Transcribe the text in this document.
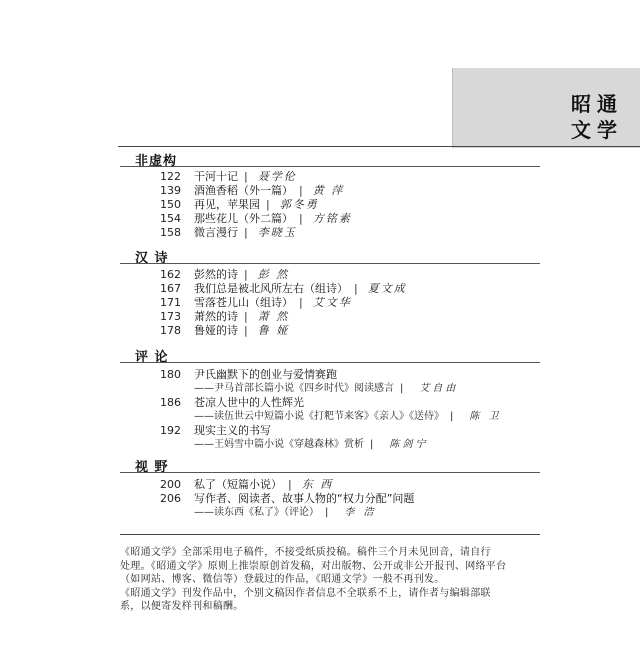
昭通
文学
非虚构
122 干河十记 | 聂学伦
139 酒渔香稻（外一篇） | 黄 萍
150 再见，苹果园 | 郭冬勇
154 那些花儿（外二篇） | 方铭素
158 微言漫行 | 李晓玉
汉 诗
162 彭然的诗 | 彭 然
167 我们总是被北风所左右（组诗） | 夏文成
171 雪落苍儿山（组诗） | 艾文华
173 萧然的诗 | 萧 然
178 鲁娅的诗 | 鲁 娅
评 论
180 尹氏幽默下的创业与爱情赛跑
——尹马首部长篇小说《四乡时代》阅读感言 | 艾自由
186 苍凉人世中的人性辉光
——读伍世云中短篇小说《打粑节来客》《亲人》《送侍》 | 陈 卫
192 现实主义的书写
——王妈雪中篇小说《穿越森林》赏析 | 陈剑宁
视 野
200 私了（短篇小说） | 东 西
206 写作者、阅读者、故事人物的“权力分配”问题
——读东西《私了》（评论） | 李 浩
《昭通文学》全部采用电子稿件，不接受纸质投稿。稿件三个月未见回音，请自行
处理。《昭通文学》原则上推崇原创首发稿，对出版物、公开或非公开报刊、网络平台
（如网站、博客、微信等）登载过的作品，《昭通文学》一般不再刊发。
《昭通文学》刊发作品中，个别文稿因作者信息不全联系不上，请作者与编辑部联
系，以便寄发样刊和稿酬。
